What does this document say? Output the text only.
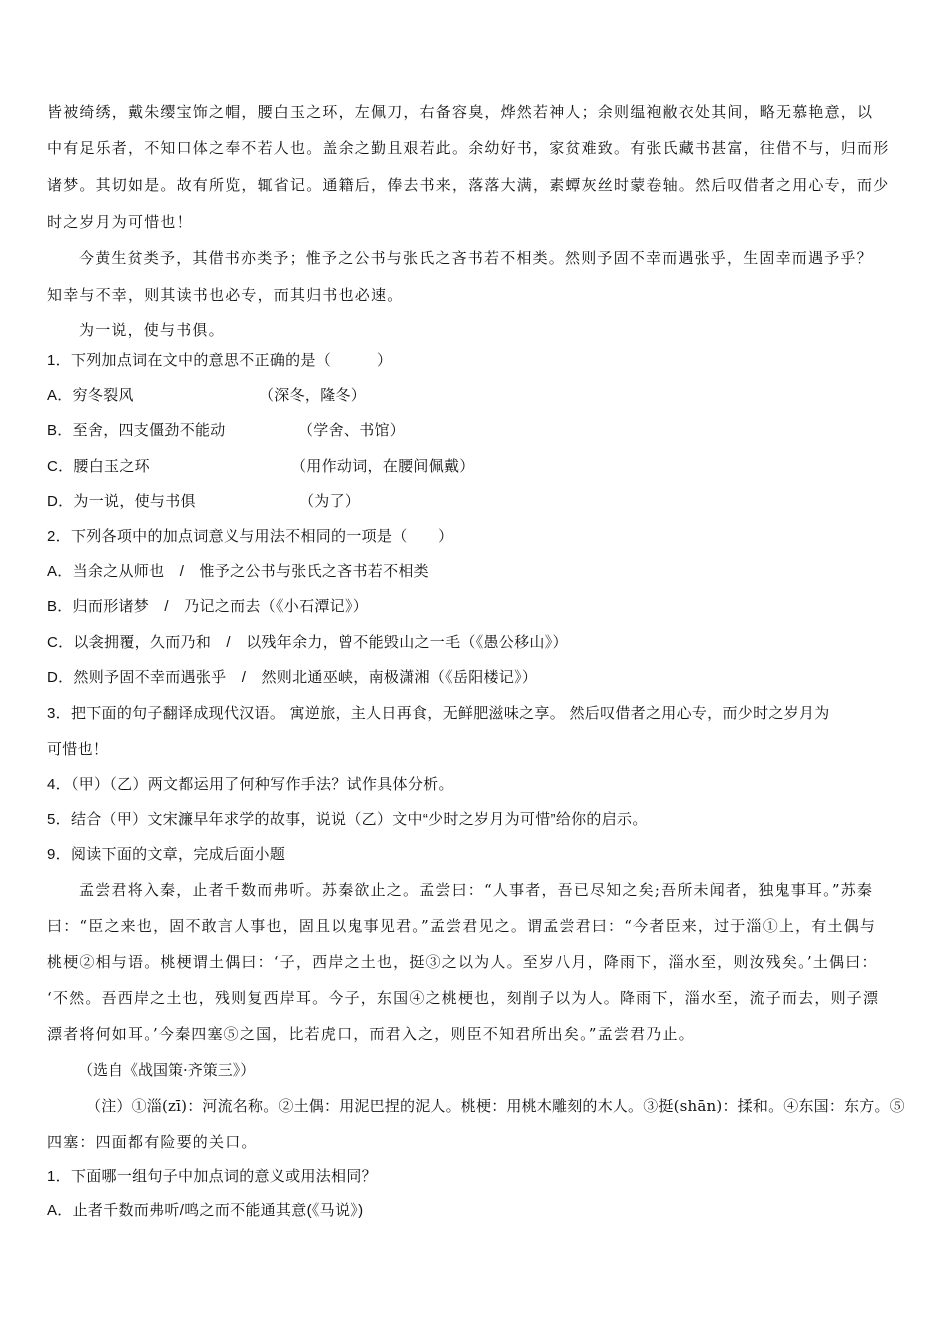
皆被绮绣，戴朱缨宝饰之帽，腰白玉之环，左佩刀，右备容臭，烨然若神人；余则缊袍敝衣处其间，略无慕艳意，以
中有足乐者，不知口体之奉不若人也。盖余之勤且艰若此。余幼好书，家贫难致。有张氏藏书甚富，往借不与，归而形
诸梦。其切如是。故有所览，辄省记。通籍后，俸去书来，落落大满，素蟫灰丝时蒙卷轴。然后叹借者之用心专，而少
时之岁月为可惜也！
今黄生贫类予，其借书亦类予；惟予之公书与张氏之吝书若不相类。然则予固不幸而遇张乎，生固幸而遇予乎？
知幸与不幸，则其读书也必专，而其归书也必速。
为一说，使与书俱。
1．下列加点词在文中的意思不正确的是（　　　）
A．穷冬裂风	（深冬，隆冬）
B．至舍，四支僵劲不能动	（学舍、书馆）
C．腰白玉之环	（用作动词，在腰间佩戴）
D．为一说，使与书俱	（为了）
2．下列各项中的加点词意义与用法不相同的一项是（　　）
A．当余之从师也　/　惟予之公书与张氏之吝书若不相类
B．归而形诸梦　/　乃记之而去（《小石潭记》）
C．以衾拥覆，久而乃和　/　以残年余力，曾不能毁山之一毛（《愚公移山》）
D．然则予固不幸而遇张乎　/　然则北通巫峡，南极潇湘（《岳阳楼记》）
3．把下面的句子翻译成现代汉语。 寓逆旅，主人日再食，无鲜肥滋味之享。 然后叹借者之用心专，而少时之岁月为
可惜也！
4．（甲）（乙）两文都运用了何种写作手法？试作具体分析。
5．结合（甲）文宋濂早年求学的故事，说说（乙）文中“少时之岁月为可惜”给你的启示。
9．阅读下面的文章，完成后面小题
孟尝君将入秦，止者千数而弗听。苏秦欲止之。孟尝曰：“人事者，吾已尽知之矣;吾所未闻者，独鬼事耳。”苏秦
曰：“臣之来也，固不敢言人事也，固且以鬼事见君。”孟尝君见之。谓孟尝君曰：“今者臣来，过于淄①上，有土偶与
桃梗②相与语。桃梗谓土偶曰：‘子，西岸之土也，挺③之以为人。至岁八月，降雨下，淄水至，则汝残矣。’土偶曰：
‘不然。吾西岸之土也，残则复西岸耳。今子，东国④之桃梗也，刻削子以为人。降雨下，淄水至，流子而去，则子漂
漂者将何如耳。’今秦四塞⑤之国，比若虎口，而君入之，则臣不知君所出矣。”孟尝君乃止。
（选自《战国策·齐策三》）
（注）①淄(zī)：河流名称。②土偶：用泥巴捏的泥人。桃梗：用桃木雕刻的木人。③挺(shān)：揉和。④东国：东方。⑤
四塞：四面都有险要的关口。
1．下面哪一组句子中加点词的意义或用法相同？
A．止者千数而弗听/鸣之而不能通其意(《马说》)
